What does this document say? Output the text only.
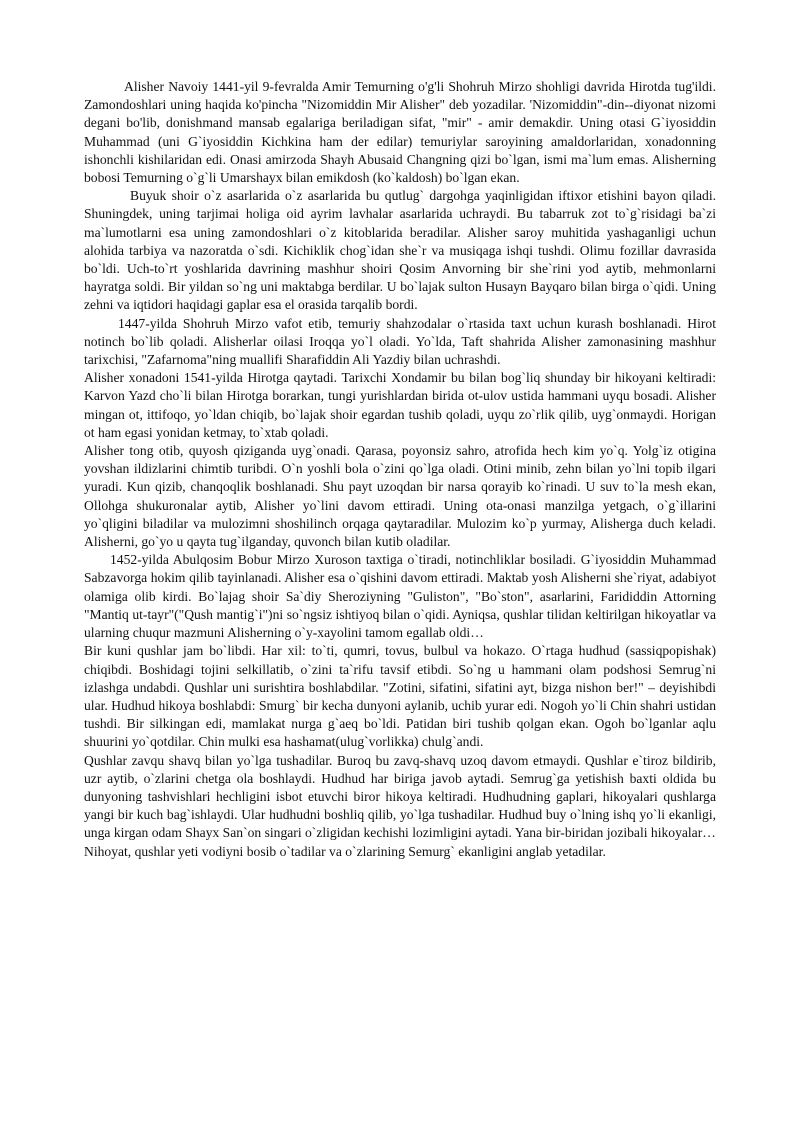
Alisher Navoiy 1441-yil 9-fevralda Amir Temurning o'g'li Shohruh Mirzo shohligi davrida Hirotda tug'ildi. Zamondoshlari uning haqida ko'pincha "Nizomiddin Mir Alisher" deb yozadilar. 'Nizomiddin"-din--diyonat nizomi degani bo'lib, donishmand mansab egalariga beriladigan sifat, "mir" - amir demakdir. Uning otasi G`iyosiddin Muhammad (uni G`iyosiddin Kichkina ham der edilar) temuriylar saroyining amaldorlaridan, xonadonning ishonchli kishilaridan edi. Onasi amirzoda Shayh Abusaid Changning qizi bo`lgan, ismi ma`lum emas. Alisherning bobosi Temurning o`g`li Umarshayx bilan emikdosh (ko`kaldosh) bo`lgan ekan.

Buyuk shoir o`z asarlarida o`z asarlarida bu qutlug` dargohga yaqinligidan iftixor etishini bayon qiladi. Shuningdek, uning tarjimai holiga oid ayrim lavhalar asarlarida uchraydi. Bu tabarruk zot to`g`risidagi ba`zi ma`lumotlarni esa uning zamondoshlari o`z kitoblarida beradilar. Alisher saroy muhitida yashaganligi uchun alohida tarbiya va nazoratda o`sdi. Kichiklik chog`idan she`r va musiqaga ishqi tushdi. Olimu fozillar davrasida bo`ldi. Uch-to`rt yoshlarida davrining mashhur shoiri Qosim Anvorning bir she`rini yod aytib, mehmonlarni hayratga soldi. Bir yildan so`ng uni maktabga berdilar. U bo`lajak sulton Husayn Bayqaro bilan birga o`qidi. Uning zehni va iqtidori haqidagi gaplar esa el orasida tarqalib bordi.

1447-yilda Shohruh Mirzo vafot etib, temuriy shahzodalar o`rtasida taxt uchun kurash boshlanadi. Hirot notinch bo`lib qoladi. Alisherlar oilasi Iroqqa yo`l oladi. Yo`lda, Taft shahrida Alisher zamonasining mashhur tarixchisi, "Zafarnoma"ning muallifi Sharafiddin Ali Yazdiy bilan uchrashdi.

Alisher xonadoni 1541-yilda Hirotga qaytadi. Tarixchi Xondamir bu bilan bog`liq shunday bir hikoyani keltiradi: Karvon Yazd cho`li bilan Hirotga borarkan, tungi yurishlardan birida ot-ulov ustida hammani uyqu bosadi. Alisher mingan ot, ittifoqo, yo`ldan chiqib, bo`lajak shoir egardan tushib qoladi, uyqu zo`rlik qilib, uyg`onmaydi. Horigan ot ham egasi yonidan ketmay, to`xtab qoladi.

Alisher tong otib, quyosh qiziganda uyg`onadi. Qarasa, poyonsiz sahro, atrofida hech kim yo`q. Yolg`iz otigina yovshan ildizlarini chimtib turibdi. O`n yoshli bola o`zini qo`lga oladi. Otini minib, zehn bilan yo`lni topib ilgari yuradi. Kun qizib, chanqoqlik boshlanadi. Shu payt uzoqdan bir narsa qorayib ko`rinadi. U suv to`la mesh ekan, Ollohga shukuronalar aytib, Alisher yo`lini davom ettiradi. Uning ota-onasi manzilga yetgach, o`g`illarini yo`qligini biladilar va mulozimni shoshilinch orqaga qaytaradilar. Mulozim ko`p yurmay, Alisherga duch keladi. Alisherni, go`yo u qayta tug`ilganday, quvonch bilan kutib oladilar.

1452-yilda Abulqosim Bobur Mirzo Xuroson taxtiga o`tiradi, notinchliklar bosiladi. G`iyosiddin Muhammad Sabzavorga hokim qilib tayinlanadi. Alisher esa o`qishini davom ettiradi. Maktab yosh Alisherni she`riyat, adabiyot olamiga olib kirdi. Bo`lajag shoir Sa`diy Sheroziyning "Guliston", "Bo`ston", asarlarini, Farididdin Attorning "Mantiq ut-tayr"("Qush mantig`i")ni so`ngsiz ishtiyoq bilan o`qidi. Ayniqsa, qushlar tilidan keltirilgan hikoyatlar va ularning chuqur mazmuni Alisherning o`y-xayolini tamom egallab oldi…

Bir kuni qushlar jam bo`libdi. Har xil: to`ti, qumri, tovus, bulbul va hokazo. O`rtaga hudhud (sassiqpopishak) chiqibdi. Boshidagi tojini selkillatib, o`zini ta`rifu tavsif etibdi. So`ng u hammani olam podshosi Semrug`ni izlashga undabdi. Qushlar uni surishtira boshlabdilar. "Zotini, sifatini, sifatini ayt, bizga nishon ber!" – deyishibdi ular. Hudhud hikoya boshlabdi: Smurg` bir kecha dunyoni aylanib, uchib yurar edi. Nogoh yo`li Chin shahri ustidan tushdi. Bir silkingan edi, mamlakat nurga g`aeq bo`ldi. Patidan biri tushib qolgan ekan. Ogoh bo`lganlar aqlu shuurini yo`qotdilar. Chin mulki esa hashamat(ulug`vorlikka) chulg`andi.

Qushlar zavqu shavq bilan yo`lga tushadilar. Buroq bu zavq-shavq uzoq davom etmaydi. Qushlar e`tiroz bildirib, uzr aytib, o`zlarini chetga ola boshlaydi. Hudhud har biriga javob aytadi. Semrug`ga yetishish baxti oldida bu dunyoning tashvishlari hechligini isbot etuvchi biror hikoya keltiradi. Hudhudning gaplari, hikoyalari qushlarga yangi bir kuch bag`ishlaydi. Ular hudhudni boshliq qilib, yo`lga tushadilar. Hudhud buy o`lning ishq yo`li ekanligi, unga kirgan odam Shayx San`on singari o`zligidan kechishi lozimligini aytadi. Yana bir-biridan jozibali hikoyalar…

Nihoyat, qushlar yeti vodiyni bosib o`tadilar va o`zlarining Semurg` ekanligini anglab yetadilar.
